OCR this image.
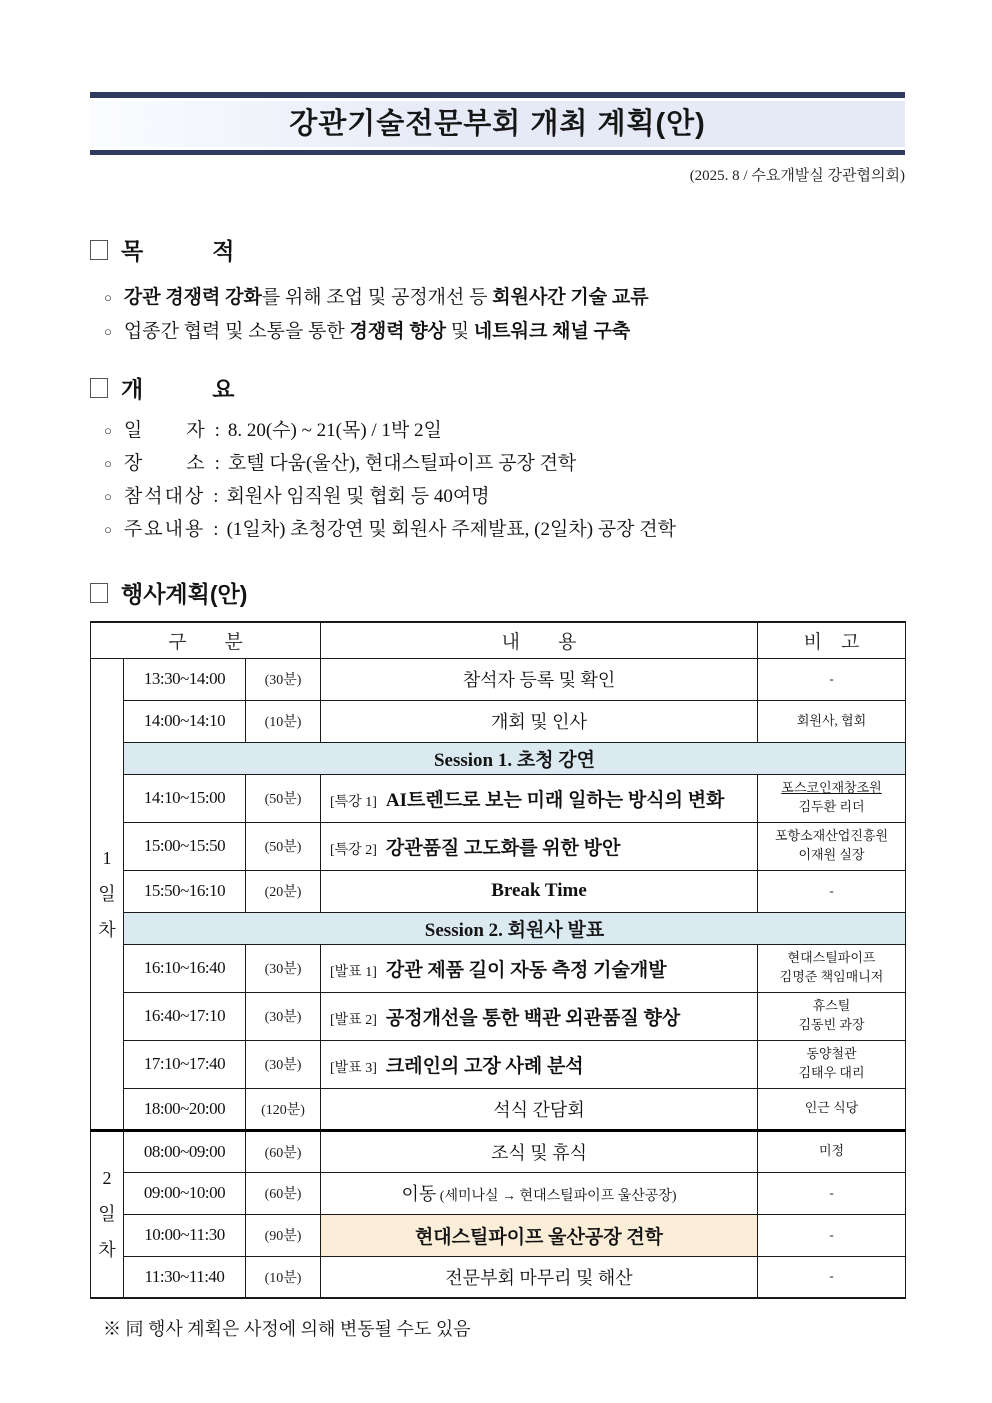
강관기술전문부회 개최 계획(안)
(2025. 8 / 수요개발실 강관협의회)
목　　　적
○ 강관 경쟁력 강화를 위해 조업 및 공정개선 등 회원사간 기술 교류
○ 업종간 협력 및 소통을 통한 경쟁력 향상 및 네트워크 채널 구축
개　　　요
○ 일　　자 : 8. 20(수) ~ 21(목) / 1박 2일
○ 장　　소 : 호텔 다움(울산), 현대스틸파이프 공장 견학
○ 참석대상 : 회원사 임직원 및 협회 등 40여명
○ 주요내용 : (1일차) 초청강연 및 회원사 주제발표, (2일차) 공장 견학
행사계획(안)
구　　분			내　　용	비　고

1
일
차	13:30~14:00	(30분)	참석자 등록 및 확인	-

	14:00~14:10	(10분)	개회 및 인사	회원사, 협회

	Session 1. 초청 강연			
	14:10~15:00	(50분)	[특강 1] AI트렌드로 보는 미래 일하는 방식의 변화	포스코인재창조원
김두환 리더

	15:00~15:50	(50분)	[특강 2] 강관품질 고도화를 위한 방안	포항소재산업진흥원
이재원 실장

	15:50~16:10	(20분)	Break Time	-

	Session 2. 회원사 발표			
	16:10~16:40	(30분)	[발표 1] 강관 제품 길이 자동 측정 기술개발	현대스틸파이프
김명준 책임매니저

	16:40~17:10	(30분)	[발표 2] 공정개선을 통한 백관 외관품질 향상	휴스틸
김동빈 과장

	17:10~17:40	(30분)	[발표 3] 크레인의 고장 사례 분석	동양철관
김태우 대리

	18:00~20:00	(120분)	석식 간담회	인근 식당

2
일
차	08:00~09:00	(60분)	조식 및 휴식	미정

	09:00~10:00	(60분)	이동 (세미나실 → 현대스틸파이프 울산공장)	-

	10:00~11:30	(90분)	현대스틸파이프 울산공장 견학	-

	11:30~11:40	(10분)	전문부회 마무리 및 해산	-
※ 同 행사 계획은 사정에 의해 변동될 수도 있음
